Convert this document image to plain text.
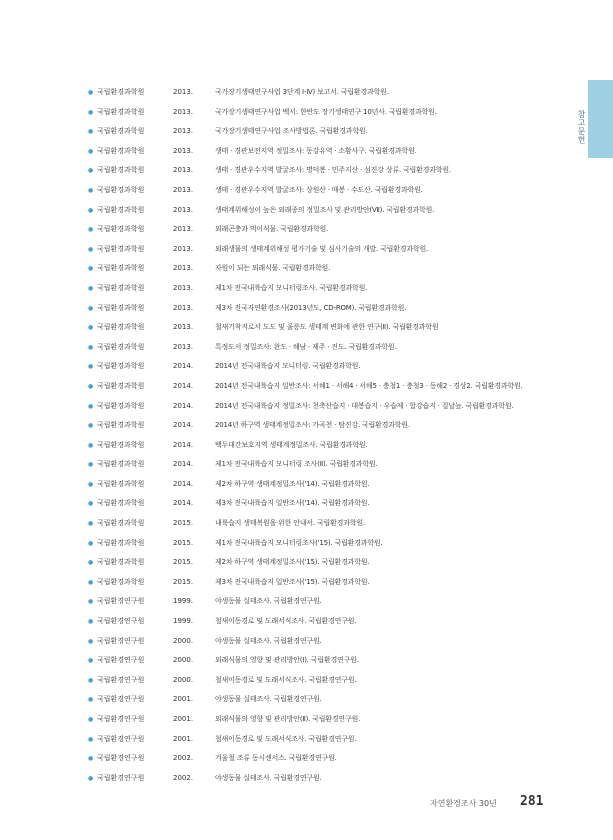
참고문헌
● 국립환경과학원	2013.	국가장기생태연구사업 3단계 Ⅰ-Ⅳ) 보고서. 국립환경과학원.
● 국립환경과학원	2013.	국가장기생태연구사업 백서: 한반도 장기생태연구 10년사. 국립환경과학원.
● 국립환경과학원	2013.	국가장기생태연구사업 조사방법론. 국립환경과학원.
● 국립환경과학원	2013.	생태 · 경관보전지역 정밀조사: 동강유역 · 소황사구. 국립환경과학원.
● 국립환경과학원	2013.	생태 · 경관우수지역 발굴조사: 명덕봉 · 민주지산 · 섬진강 상류. 국립환경과학원.
● 국립환경과학원	2013.	생태 · 경관우수지역 발굴조사: 상원산 · 매봉 · 수도산. 국립환경과학원.
● 국립환경과학원	2013.	생태계위해성이 높은 외래종의 정밀조사 및 관리방안(Ⅶ). 국립환경과학원.
● 국립환경과학원	2013.	외래곤충과 먹이식물. 국립환경과학원.
● 국립환경과학원	2013.	외래생물의 생태계위해성 평가기술 및 심사기술의 개발. 국립환경과학원.
● 국립환경과학원	2013.	자원이 되는 외래식물. 국립환경과학원.
● 국립환경과학원	2013.	제1차 전국내륙습지 모니터링조사. 국립환경과학원.
● 국립환경과학원	2013.	제3차 전국자연환경조사(2013년도, CD-ROM). 국립환경과학원.
● 국립환경과학원	2013.	철새기착지로서 도도 및 울릉도 생태계 변화에 관한 연구(Ⅱ). 국립환경과학원
● 국립환경과학원	2013.	특정도서 정밀조사: 완도 · 해남 · 제주 · 진도. 국립환경과학원.
● 국립환경과학원	2014.	2014년 전국내륙습지 모니터링. 국립환경과학원.
● 국립환경과학원	2014.	2014년 전국내륙습지 일반조사: 서해1 · 서해4 · 서해5 · 충청1 · 충청3 · 동해2 · 경상2. 국립환경과학원.
● 국립환경과학원	2014.	2014년 전국내륙습지 정밀조사: 천축산습지 · 대봉습지 · 우습제 · 합강습지 · 질날늪. 국립환경과학원.
● 국립환경과학원	2014.	2014년 하구역 생태계정밀조사: 가곡천 · 탐진강. 국립환경과학원.
● 국립환경과학원	2014.	백두대간보호지역 생태계정밀조사. 국립환경과학원.
● 국립환경과학원	2014.	제1차 전국내륙습지 모니터링 조사(Ⅱ). 국립환경과학원.
● 국립환경과학원	2014.	제2차 하구역 생태계정밀조사('14). 국립환경과학원.
● 국립환경과학원	2014.	제3차 전국내륙습지 일반조사('14). 국립환경과학원.
● 국립환경과학원	2015.	내륙습지 생태복원을 위한 안내서. 국립환경과학원.
● 국립환경과학원	2015.	제1차 전국내륙습지 모니터링조사('15). 국립환경과학원.
● 국립환경과학원	2015.	제2차 하구역 생태계정밀조사('15). 국립환경과학원.
● 국립환경과학원	2015.	제3차 전국내륙습지 일반조사('15). 국립환경과학원.
● 국립환경연구원	1999.	야생동물 실태조사. 국립환경연구원.
● 국립환경연구원	1999.	철새이동경로 및 도래서식조사. 국립환경연구원.
● 국립환경연구원	2000.	야생동물 실태조사. 국립환경연구원.
● 국립환경연구원	2000.	외래식물의 영향 및 관리방안(Ⅰ). 국립환경연구원.
● 국립환경연구원	2000.	철새이동경로 및 도래서식조사. 국립환경연구원.
● 국립환경연구원	2001.	야생동물 실태조사. 국립환경연구원.
● 국립환경연구원	2001.	외래식물의 영향 및 관리방안(Ⅱ). 국립환경연구원.
● 국립환경연구원	2001.	철새이동경로 및 도래서식조사. 국립환경연구원.
● 국립환경연구원	2002.	겨울철 조류 동시센서스. 국립환경연구원.
● 국립환경연구원	2002.	야생동물 실태조사. 국립환경연구원.
자연환경조사 30년 281
